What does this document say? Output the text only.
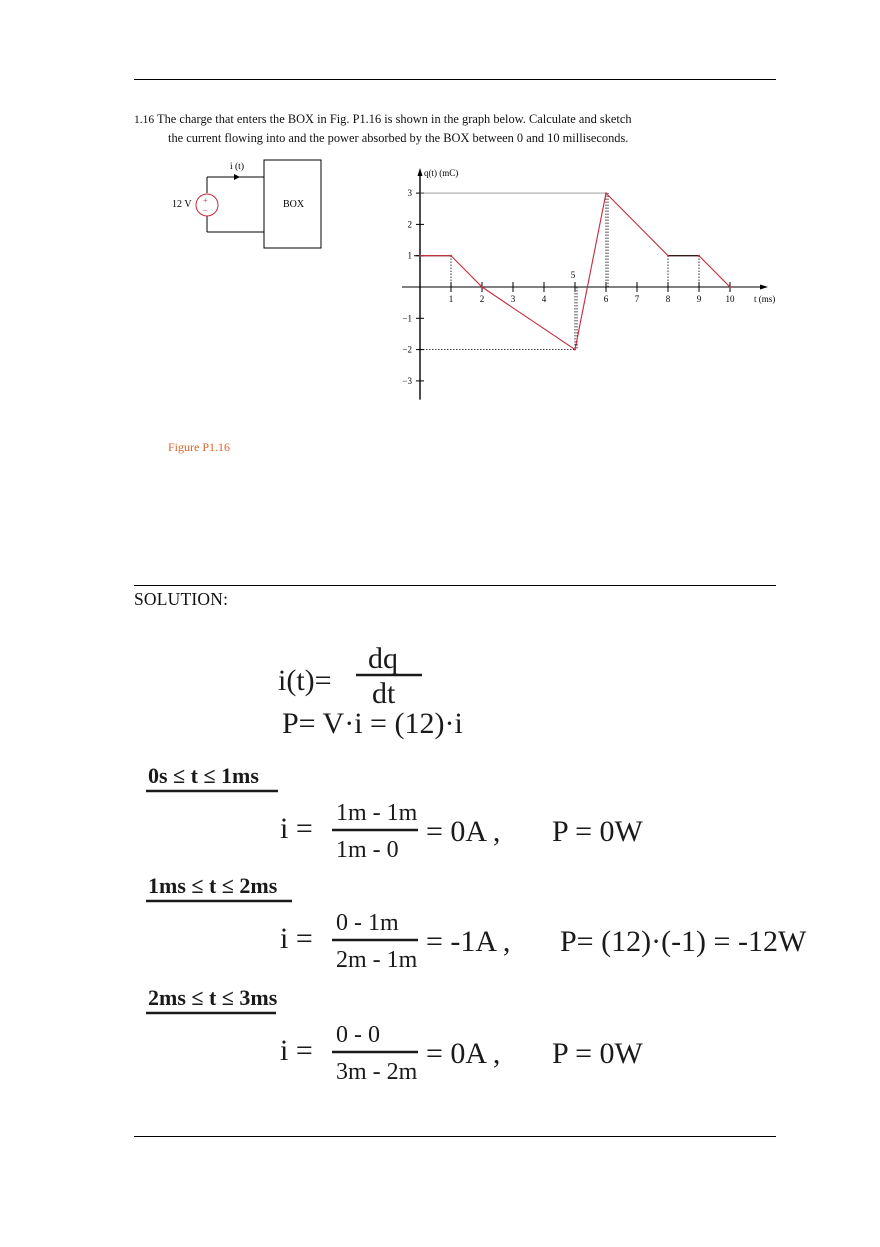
1.16 The charge that enters the BOX in Fig. P1.16 is shown in the graph below. Calculate and sketch
the current flowing into and the power absorbed by the BOX between 0 and 10 milliseconds.
+
−
i (t)
12 V	BOX
3
2
1
−1
−2
−3
1	2	3	4	6	7	8	9	10
5
q(t) (mC)
t (ms)
Figure P1.16
SOLUTION:
i(t)=
dq
dt
P= V·i = (12)·i
0s ≤ t ≤ 1ms
i = 1m - 1m
1m - 0
= 0A , P = 0W
1ms ≤ t ≤ 2ms
i = 0 - 1m
2m - 1m
= -1A , P= (12)·(-1) = -12W
2ms ≤ t ≤ 3ms
i = 0 - 0
3m - 2m
= 0A , P = 0W
